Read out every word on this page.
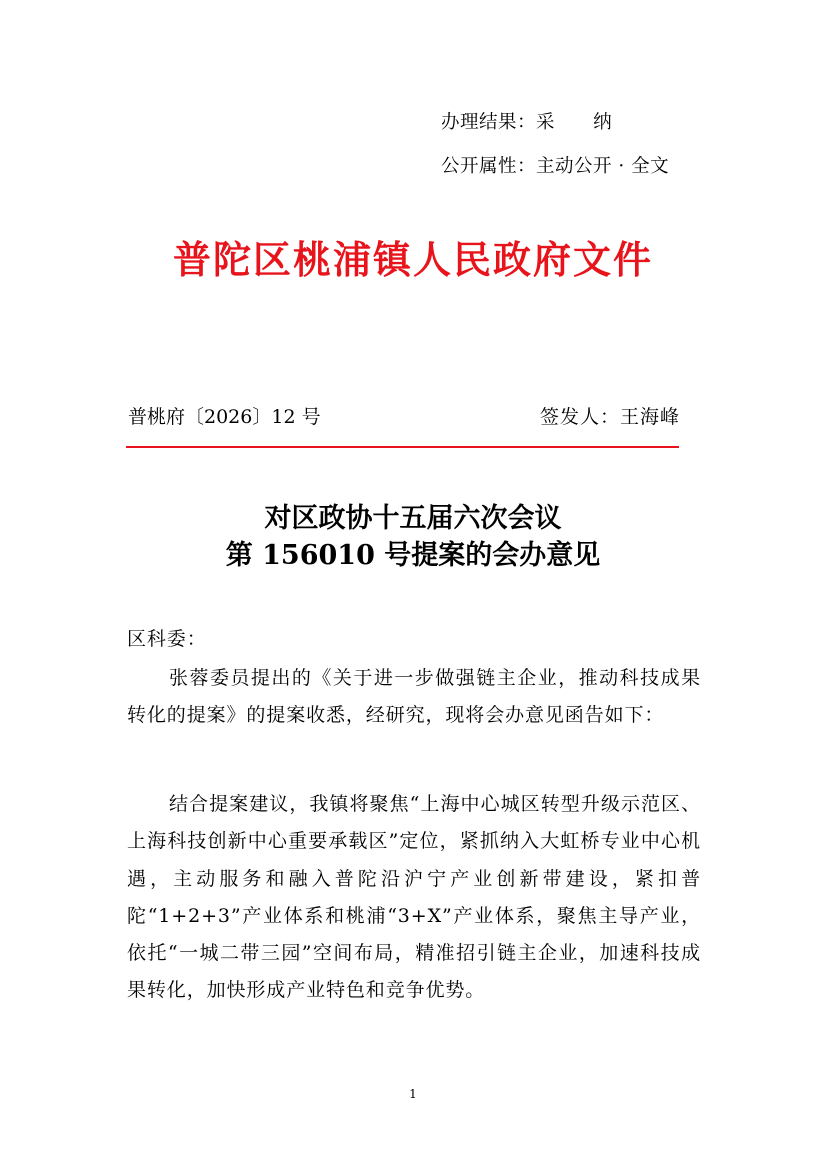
办理结果：采      纳
公开属性：主动公开 · 全文
普陀区桃浦镇人民政府文件
普桃府〔2026〕12 号	签发人：王海峰
对区政协十五届六次会议
第 156010 号提案的会办意见
区科委：

张蓉委员提出的《关于进一步做强链主企业，推动科技成果转化的提案》的提案收悉，经研究，现将会办意见函告如下：

结合提案建议，我镇将聚焦“上海中心城区转型升级示范区、上海科技创新中心重要承载区”定位，紧抓纳入大虹桥专业中心机遇，主动服务和融入普陀沿沪宁产业创新带建设，紧扣普陀“1+2+3”产业体系和桃浦“3+X”产业体系，聚焦主导产业，依托“一城二带三园”空间布局，精准招引链主企业，加速科技成果转化，加快形成产业特色和竞争优势。

1
